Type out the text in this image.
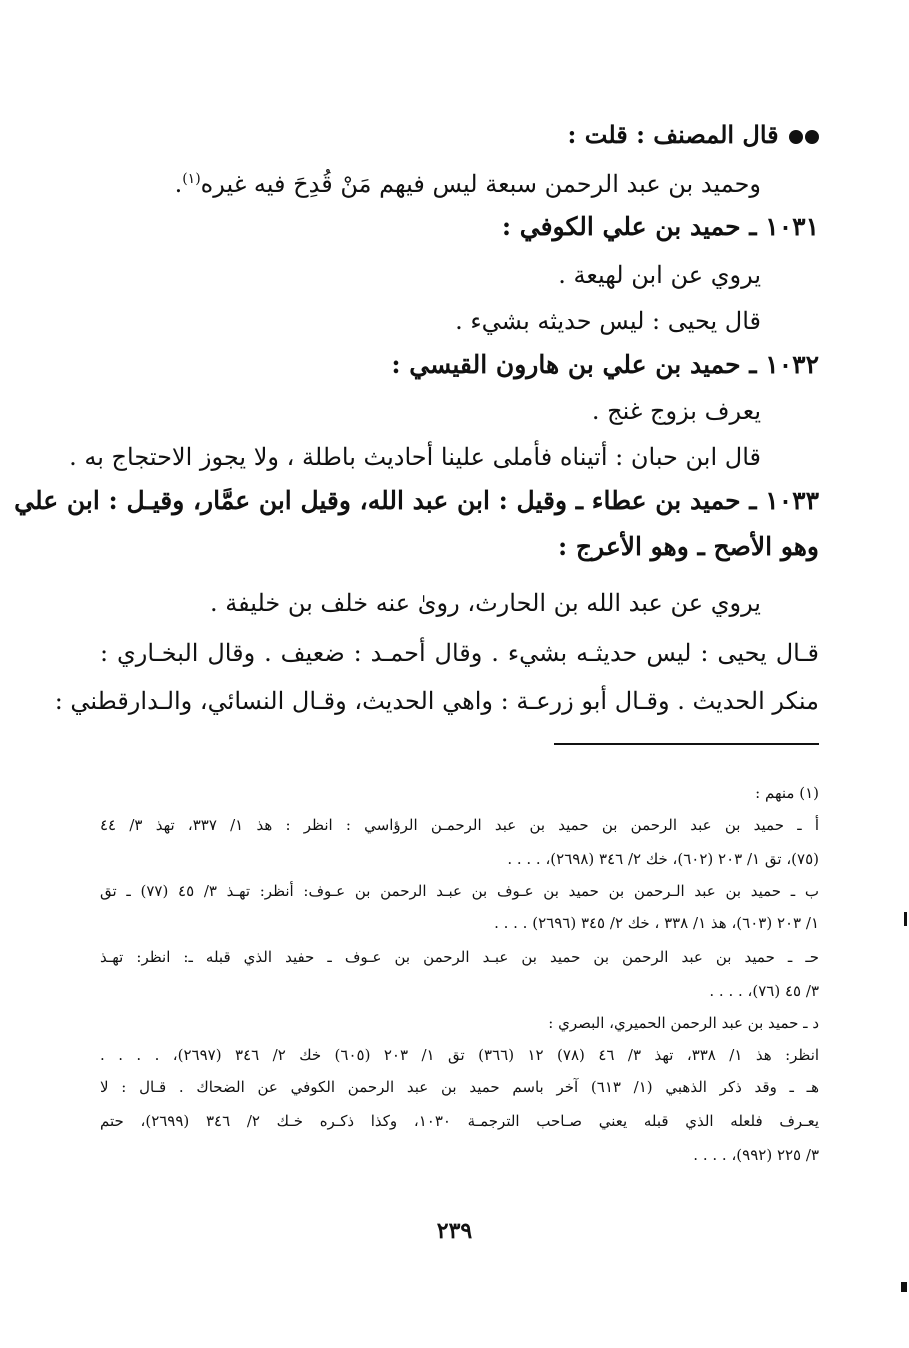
قال المصنف : قلت :
وحميد بن عبد الرحمن سبعة ليس فيهم مَنْ قُدِحَ فيه غيره$^{(١)}$.
١٠٣١ ـ حميد بن علي الكوفي :
يروي عن ابن لهيعة .
قال يحيى : ليس حديثه بشيء .
١٠٣٢ ـ حميد بن علي بن هارون القيسي :
يعرف بزوج غنج .
قال ابن حبان : أتيناه فأملى علينا أحاديث باطلة ، ولا يجوز الاحتجاج به .
١٠٣٣ ـ حميد بن عطاء ـ وقيل : ابن عبد الله، وقيل ابن عمَّار، وقيـل : ابن علي
وهو الأصح ـ وهو الأعرج :
يروي عن عبد الله بن الحارث، روىٰ عنه خلف بن خليفة .
قـال يحيى : ليس حديثـه بشيء . وقال أحمـد : ضعيف . وقال البخـاري :
منكر الحديث . وقـال أبو زرعـة : واهي الحديث، وقـال النسائي، والـدارقطني :
(١) منهم :
أ ـ حميد بن عبد الرحمن بن حميد بن عبد الرحمـن الرؤاسي : انظر : هذ ١/ ٣٣٧، تهذ ٣/ ٤٤
(٧٥)، تق ١/ ٢٠٣ (٦٠٢)، خك ٢/ ٣٤٦ (٢٦٩٨)، . . . .
ب ـ حميد بن عبد الـرحمن بن حميد بن عـوف بن عبـد الرحمن بن عـوف: أنظر: تهـذ ٣/ ٤٥ (٧٧) ـ تق
١/ ٢٠٣ (٦٠٣)، هذ ١/ ٣٣٨ ، خك ٢/ ٣٤٥ (٢٦٩٦) . . . .
حـ ـ حميد بن عبد الرحمن بن حميد بن عبـد الرحمن بن عـوف ـ حفيد الذي قبله ـ: انظر: تهـذ
٣/ ٤٥ (٧٦)، . . . .
د ـ حميد بن عبد الرحمن الحميري، البصري :
انظر: هذ ١/ ٣٣٨، تهذ ٣/ ٤٦ (٧٨) ١٢ (٣٦٦) تق ١/ ٢٠٣ (٦٠٥) خك ٢/ ٣٤٦ (٢٦٩٧)، . . . .
هـ ـ وقد ذكر الذهبي (١/ ٦١٣) آخر باسم حميد بن عبد الرحمن الكوفي عن الضحاك . قـال : لا
يعـرف فلعله الذي قبله يعني صـاحب الترجمـة ١٠٣٠، وكذا ذكـره خـك ٢/ ٣٤٦ (٢٦٩٩)، حتم
٣/ ٢٢٥ (٩٩٢)، . . . .
٢٣٩
